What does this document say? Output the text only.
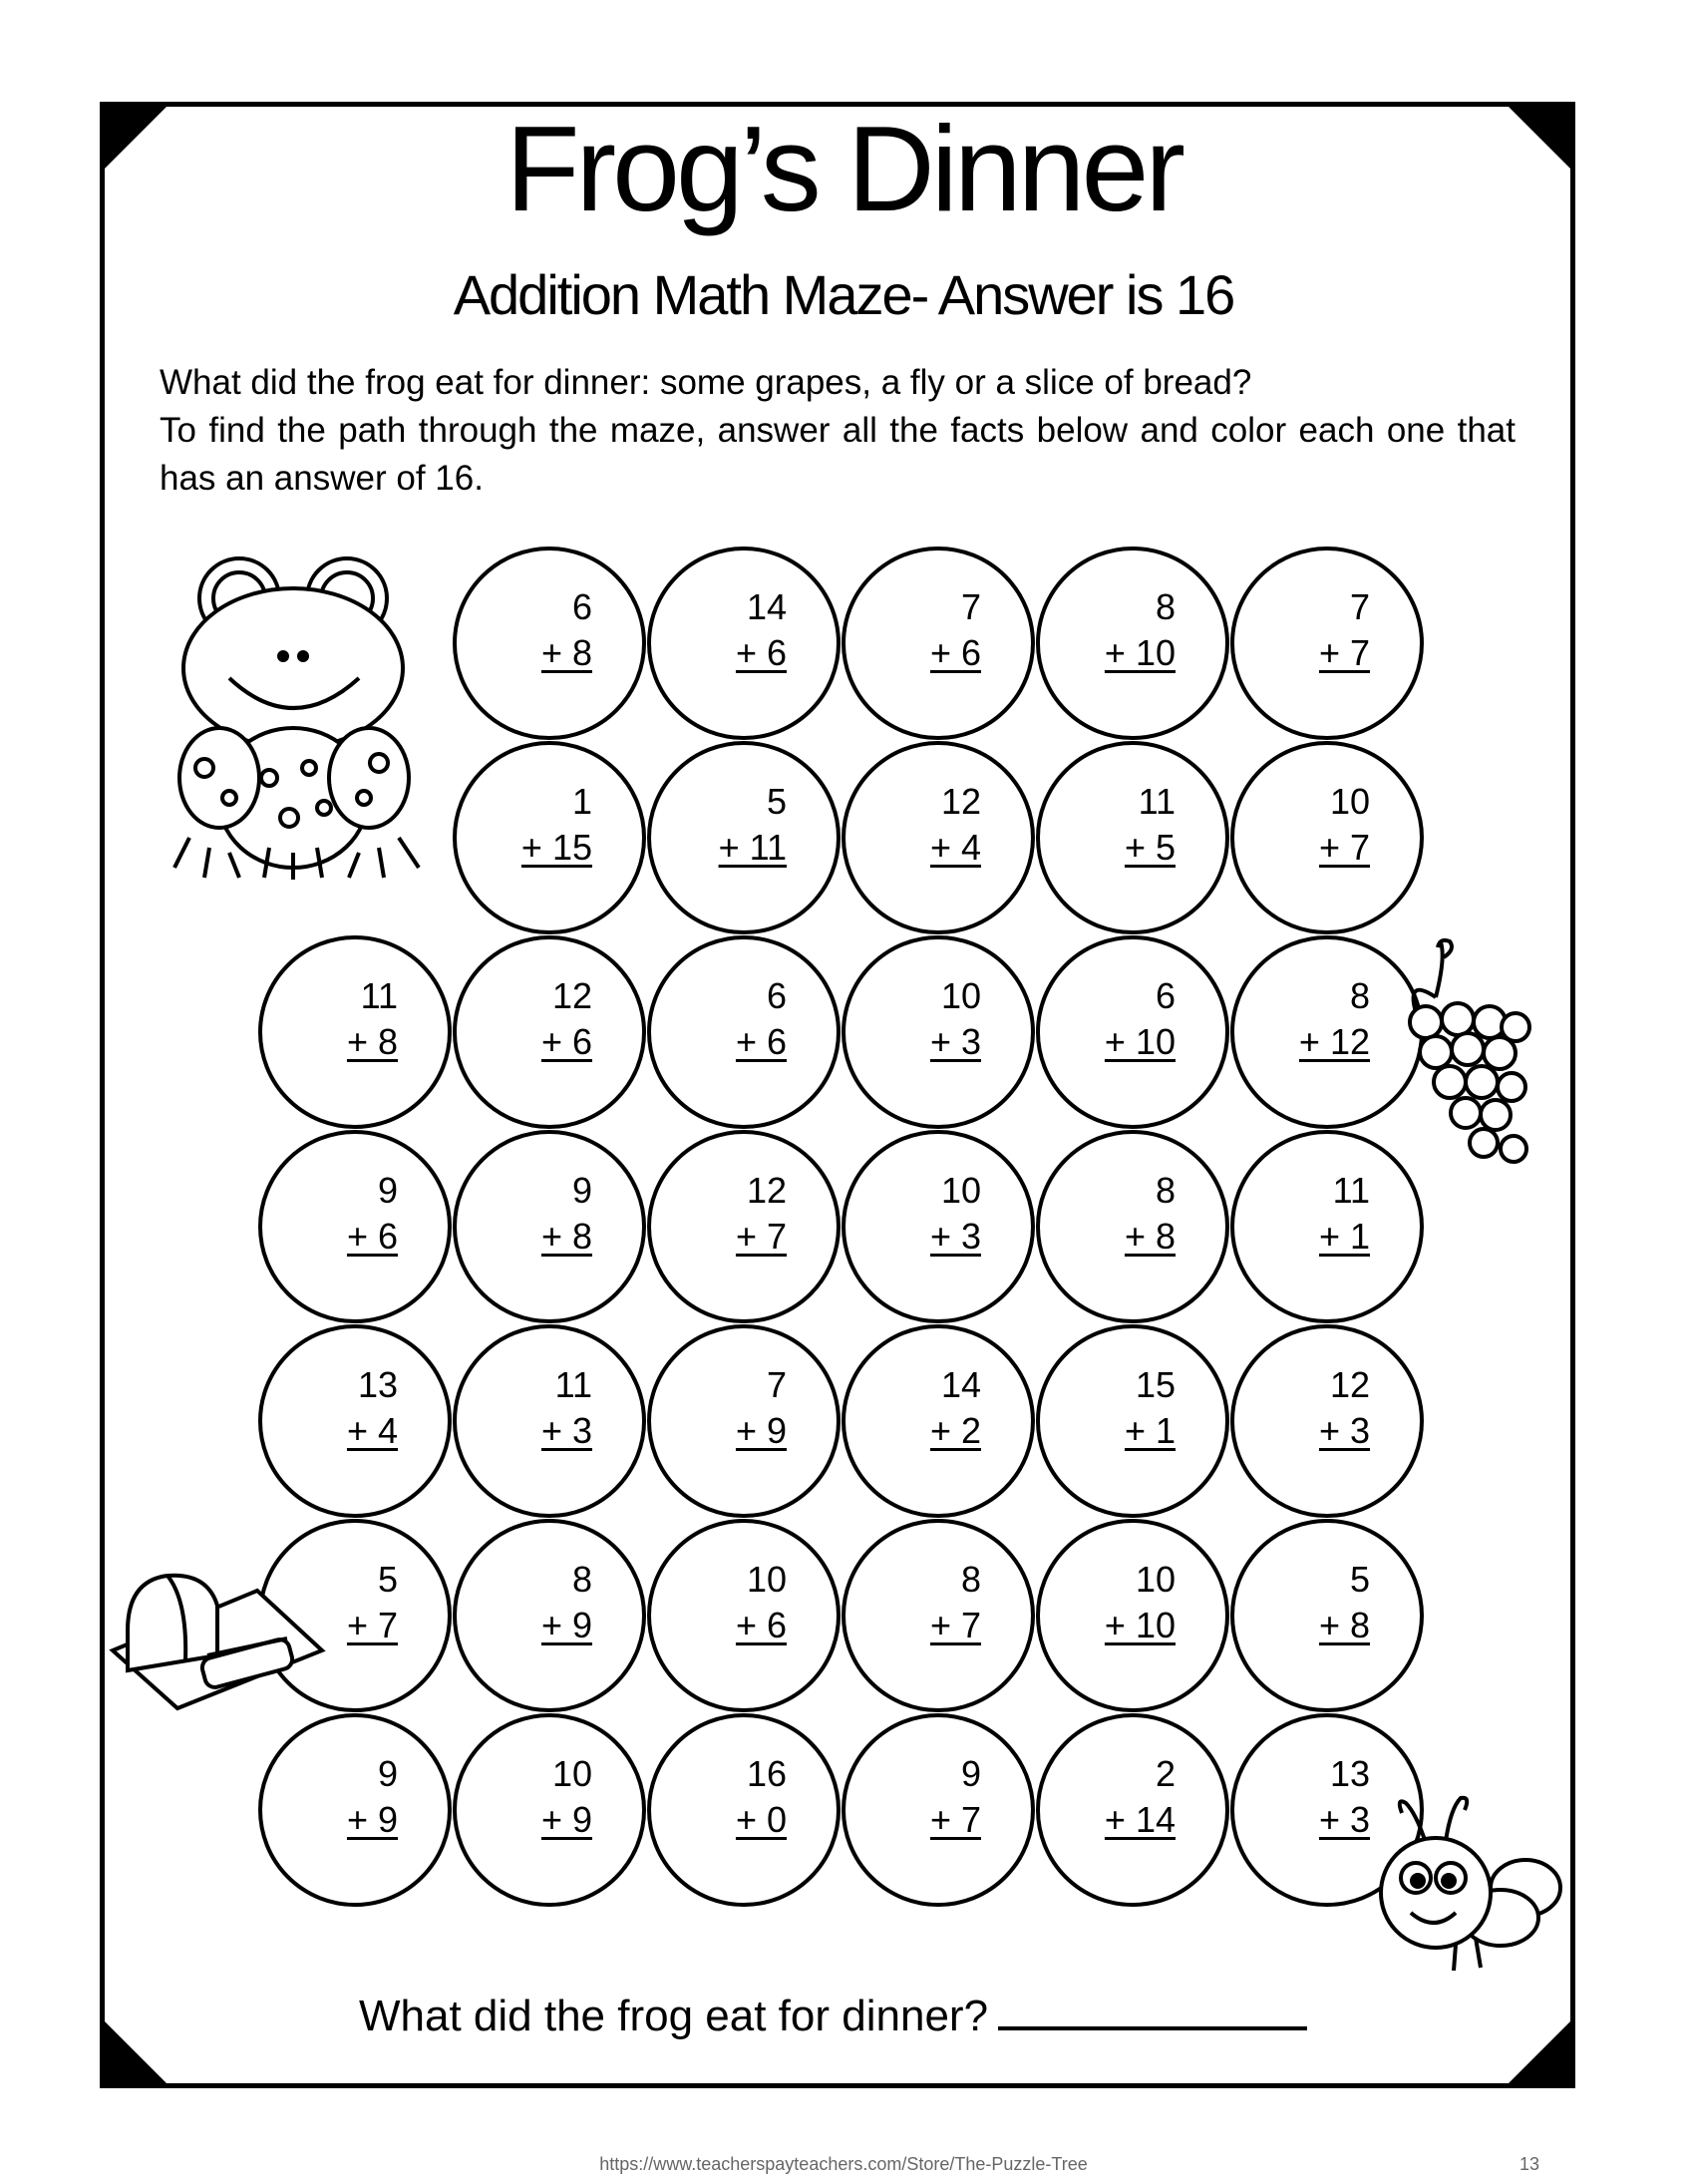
Frog’s Dinner
Addition Math Maze- Answer is 16

What did the frog eat for dinner: some grapes, a fly or a slice of bread?

To find the path through the maze, answer all the facts below and color each one that has an answer of 16.

6
+ 8
14
+ 6
7
+ 6
8
+ 10
7
+ 7
1
+ 15
5
+ 11
12
+ 4
11
+ 5
10
+ 7
11
+ 8
12
+ 6
6
+ 6
10
+ 3
6
+ 10
8
+ 12
9
+ 6
9
+ 8
12
+ 7
10
+ 3
8
+ 8
11
+ 1
13
+ 4
11
+ 3
7
+ 9
14
+ 2
15
+ 1
12
+ 3
5
+ 7
8
+ 9
10
+ 6
8
+ 7
10
+ 10
5
+ 8
9
+ 9
10
+ 9
16
+ 0
9
+ 7
2
+ 14
13
+ 3
What did the frog eat for dinner?
https://www.teacherspayteachers.com/Store/The-Puzzle-Tree	13
